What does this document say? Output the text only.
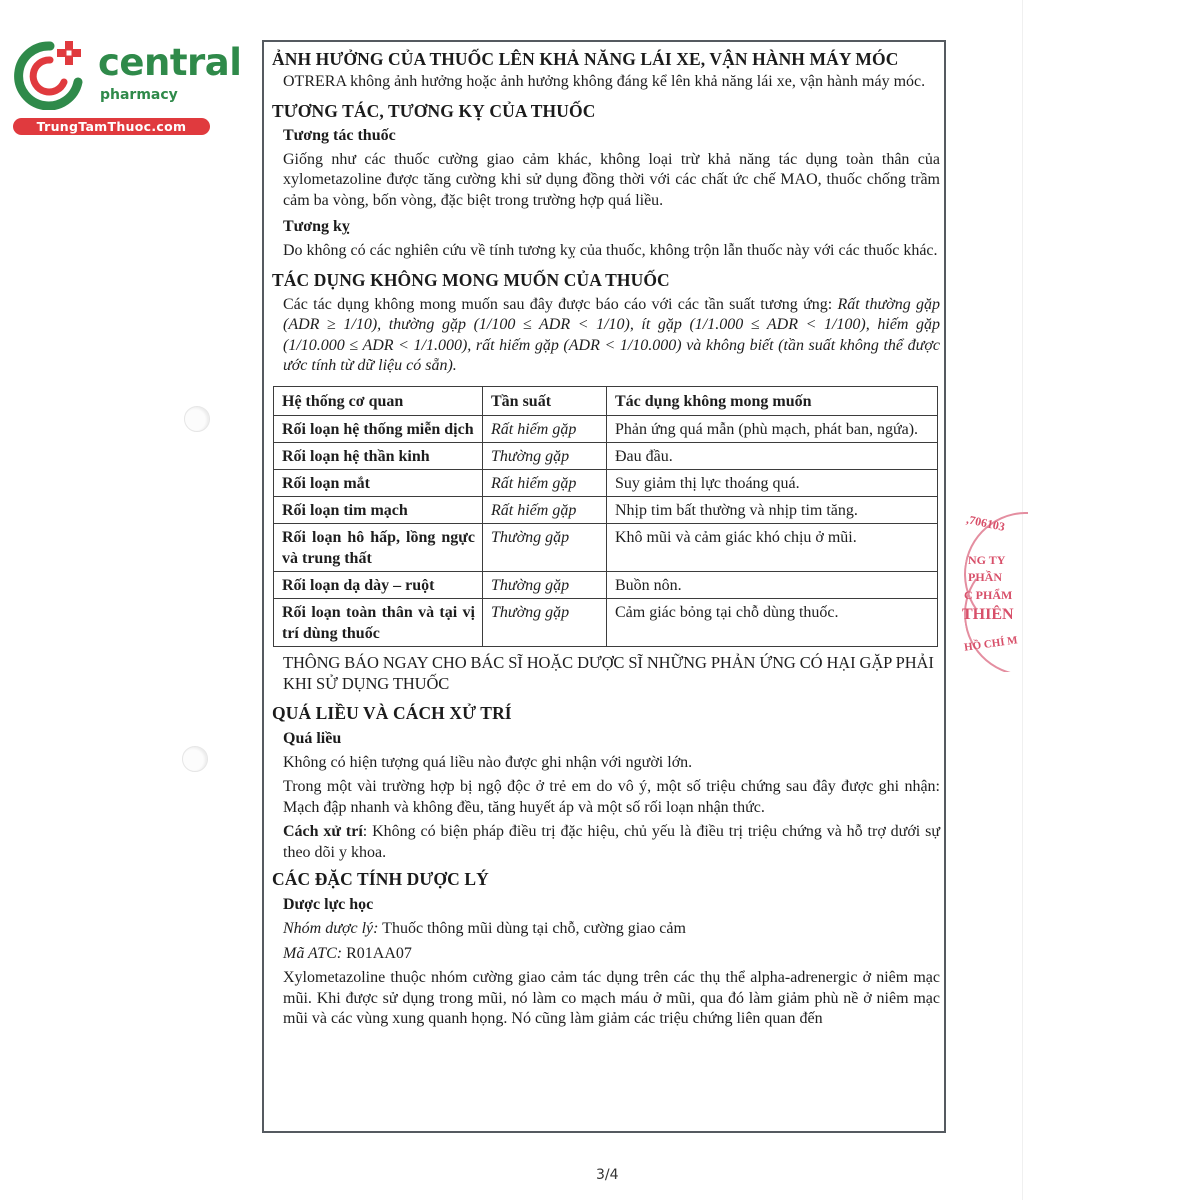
central
pharmacy
TrungTamThuoc.com
,706103
NG TY
PHẦN
C PHẨM
THIÊN
HỒ CHÍ M
ẢNH HƯỞNG CỦA THUỐC LÊN KHẢ NĂNG LÁI XE, VẬN HÀNH MÁY MÓC

OTRERA không ảnh hưởng hoặc ảnh hưởng không đáng kể lên khả năng lái xe, vận hành máy móc.

TƯƠNG TÁC, TƯƠNG KỴ CỦA THUỐC
Tương tác thuốc

Giống như các thuốc cường giao cảm khác, không loại trừ khả năng tác dụng toàn thân của xylometazoline được tăng cường khi sử dụng đồng thời với các chất ức chế MAO, thuốc chống trầm cảm ba vòng, bốn vòng, đặc biệt trong trường hợp quá liều.

Tương kỵ

Do không có các nghiên cứu về tính tương kỵ của thuốc, không trộn lẫn thuốc này với các thuốc khác.

TÁC DỤNG KHÔNG MONG MUỐN CỦA THUỐC

Các tác dụng không mong muốn sau đây được báo cáo với các tần suất tương ứng: Rất thường gặp (ADR ≥ 1/10), thường gặp (1/100 ≤ ADR < 1/10), ít gặp (1/1.000 ≤ ADR < 1/100), hiếm gặp (1/10.000 ≤ ADR < 1/1.000), rất hiếm gặp (ADR < 1/10.000) và không biết (tần suất không thể được ước tính từ dữ liệu có sẵn).

Hệ thống cơ quan	Tần suất	Tác dụng không mong muốn
Rối loạn hệ thống miễn dịch	Rất hiếm gặp	Phản ứng quá mẫn (phù mạch, phát ban, ngứa).
Rối loạn hệ thần kinh	Thường gặp	Đau đầu.
Rối loạn mắt	Rất hiếm gặp	Suy giảm thị lực thoáng quá.
Rối loạn tim mạch	Rất hiếm gặp	Nhịp tim bất thường và nhịp tim tăng.
Rối loạn hô hấp, lồng ngực và trung thất	Thường gặp	Khô mũi và cảm giác khó chịu ở mũi.
Rối loạn dạ dày – ruột	Thường gặp	Buồn nôn.
Rối loạn toàn thân và tại vị trí dùng thuốc	Thường gặp	Cảm giác bỏng tại chỗ dùng thuốc.
THÔNG BÁO NGAY CHO BÁC SĨ HOẶC DƯỢC SĨ NHỮNG PHẢN ỨNG CÓ HẠI GẶP PHẢI KHI SỬ DỤNG THUỐC
QUÁ LIỀU VÀ CÁCH XỬ TRÍ
Quá liều

Không có hiện tượng quá liều nào được ghi nhận với người lớn.

Trong một vài trường hợp bị ngộ độc ở trẻ em do vô ý, một số triệu chứng sau đây được ghi nhận: Mạch đập nhanh và không đều, tăng huyết áp và một số rối loạn nhận thức.

Cách xử trí: Không có biện pháp điều trị đặc hiệu, chủ yếu là điều trị triệu chứng và hỗ trợ dưới sự theo dõi y khoa.

CÁC ĐẶC TÍNH DƯỢC LÝ
Dược lực học

Nhóm dược lý: Thuốc thông mũi dùng tại chỗ, cường giao cảm

Mã ATC: R01AA07

Xylometazoline thuộc nhóm cường giao cảm tác dụng trên các thụ thể alpha-adrenergic ở niêm mạc mũi. Khi được sử dụng trong mũi, nó làm co mạch máu ở mũi, qua đó làm giảm phù nề ở niêm mạc mũi và các vùng xung quanh họng. Nó cũng làm giảm các triệu chứng liên quan đến

3/4
